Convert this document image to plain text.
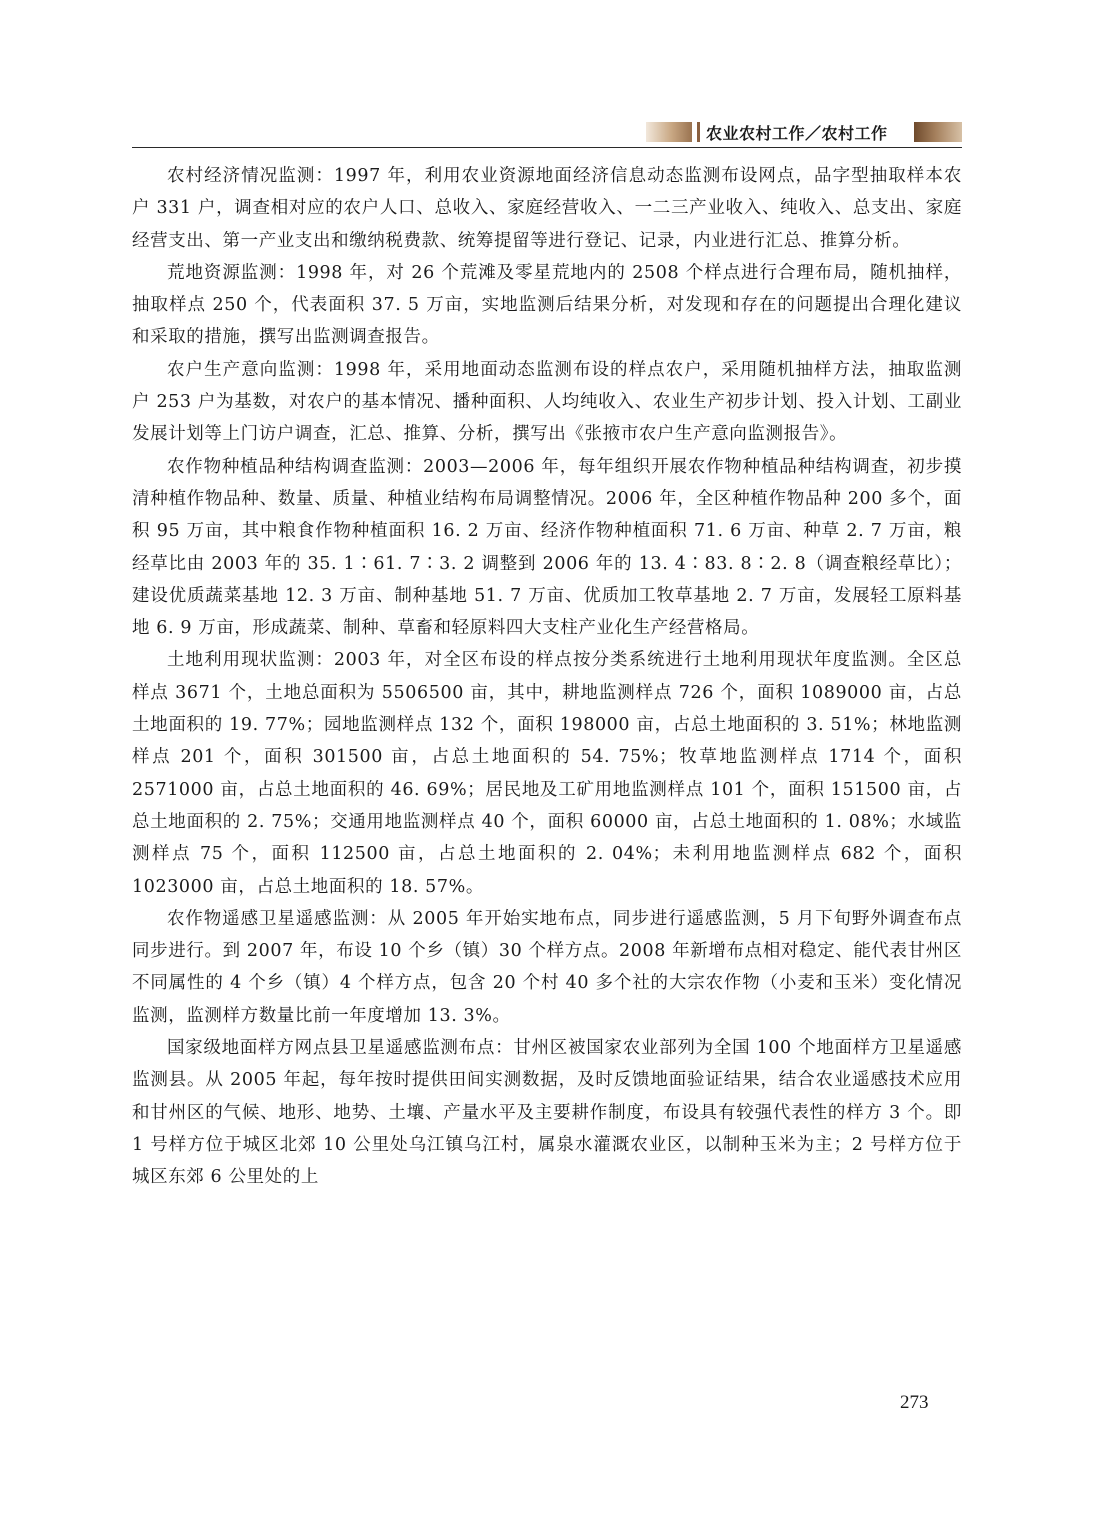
农业农村工作／农村工作

农村经济情况监测：1997 年，利用农业资源地面经济信息动态监测布设网点，品字型抽取样本农户 331 户，调查相对应的农户人口、总收入、家庭经营收入、一二三产业收入、纯收入、总支出、家庭经营支出、第一产业支出和缴纳税费款、统筹提留等进行登记、记录，内业进行汇总、推算分析。

荒地资源监测：1998 年，对 26 个荒滩及零星荒地内的 2508 个样点进行合理布局，随机抽样，抽取样点 250 个，代表面积 37. 5 万亩，实地监测后结果分析，对发现和存在的问题提出合理化建议和采取的措施，撰写出监测调查报告。

农户生产意向监测：1998 年，采用地面动态监测布设的样点农户，采用随机抽样方法，抽取监测户 253 户为基数，对农户的基本情况、播种面积、人均纯收入、农业生产初步计划、投入计划、工副业发展计划等上门访户调查，汇总、推算、分析，撰写出《张掖市农户生产意向监测报告》。

农作物种植品种结构调查监测：2003—2006 年，每年组织开展农作物种植品种结构调查，初步摸清种植作物品种、数量、质量、种植业结构布局调整情况。2006 年，全区种植作物品种 200 多个，面积 95 万亩，其中粮食作物种植面积 16. 2 万亩、经济作物种植面积 71. 6 万亩、种草 2. 7 万亩，粮经草比由 2003 年的 35. 1∶61. 7∶3. 2 调整到 2006 年的 13. 4∶83. 8∶2. 8（调查粮经草比）；建设优质蔬菜基地 12. 3 万亩、制种基地 51. 7 万亩、优质加工牧草基地 2. 7 万亩，发展轻工原料基地 6. 9 万亩，形成蔬菜、制种、草畜和轻原料四大支柱产业化生产经营格局。

土地利用现状监测：2003 年，对全区布设的样点按分类系统进行土地利用现状年度监测。全区总样点 3671 个，土地总面积为 5506500 亩，其中，耕地监测样点 726 个，面积 1089000 亩，占总土地面积的 19. 77%；园地监测样点 132 个，面积 198000 亩，占总土地面积的 3. 51%；林地监测样点 201 个，面积 301500 亩，占总土地面积的 54. 75%；牧草地监测样点 1714 个，面积 2571000 亩，占总土地面积的 46. 69%；居民地及工矿用地监测样点 101 个，面积 151500 亩，占总土地面积的 2. 75%；交通用地监测样点 40 个，面积 60000 亩，占总土地面积的 1. 08%；水域监测样点 75 个，面积 112500 亩，占总土地面积的 2. 04%；未利用地监测样点 682 个，面积 1023000 亩，占总土地面积的 18. 57%。

农作物遥感卫星遥感监测：从 2005 年开始实地布点，同步进行遥感监测，5 月下旬野外调查布点同步进行。到 2007 年，布设 10 个乡（镇）30 个样方点。2008 年新增布点相对稳定、能代表甘州区不同属性的 4 个乡（镇）4 个样方点，包含 20 个村 40 多个社的大宗农作物（小麦和玉米）变化情况监测，监测样方数量比前一年度增加 13. 3%。

国家级地面样方网点县卫星遥感监测布点：甘州区被国家农业部列为全国 100 个地面样方卫星遥感监测县。从 2005 年起，每年按时提供田间实测数据，及时反馈地面验证结果，结合农业遥感技术应用和甘州区的气候、地形、地势、土壤、产量水平及主要耕作制度，布设具有较强代表性的样方 3 个。即 1 号样方位于城区北郊 10 公里处乌江镇乌江村，属泉水灌溉农业区，以制种玉米为主；2 号样方位于城区东郊 6 公里处的上

273
